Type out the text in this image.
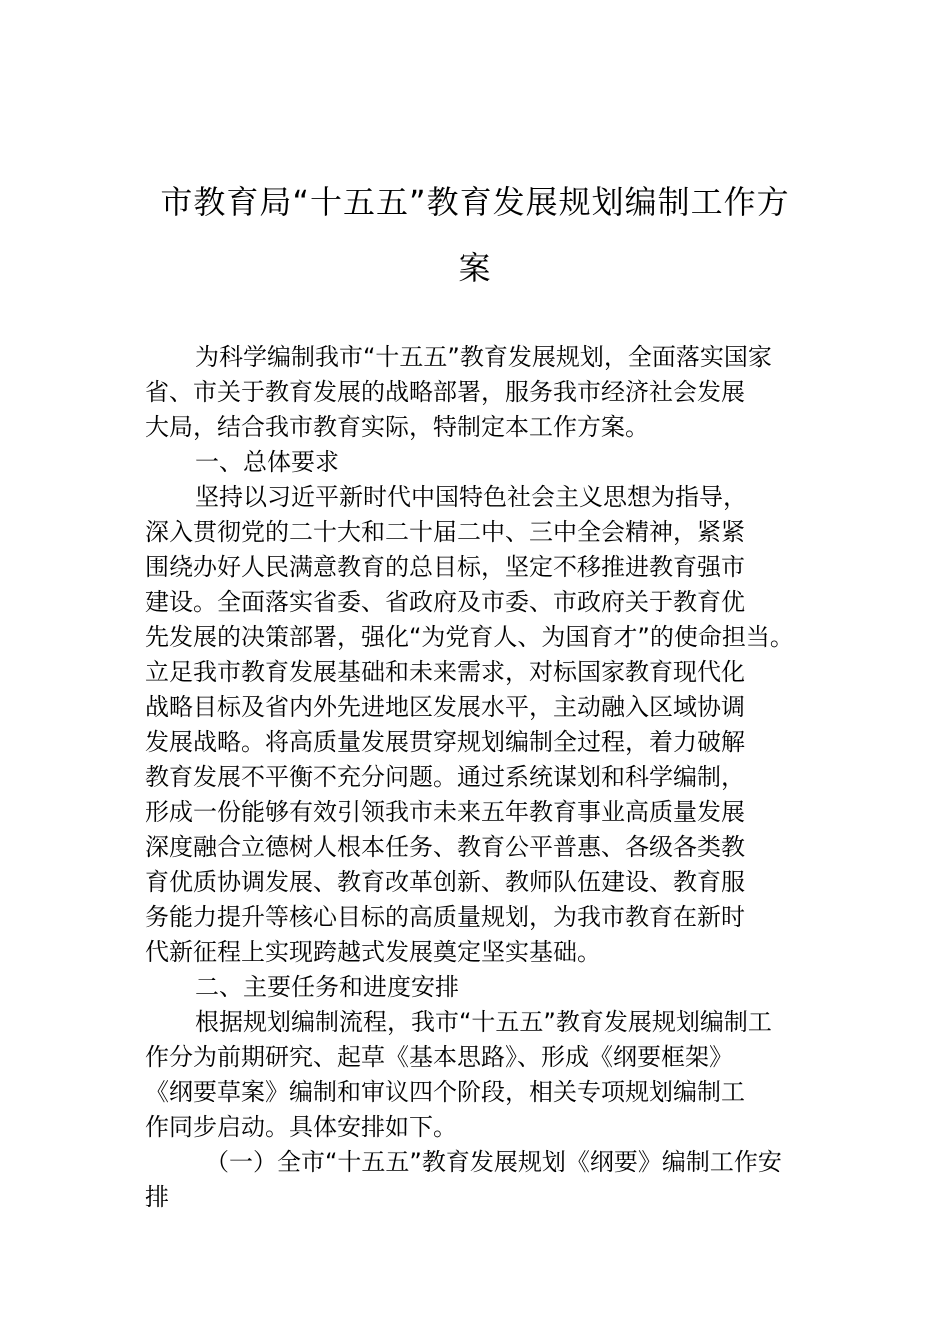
市教育局“十五五”教育发展规划编制工作方
案
为科学编制我市“十五五”教育发展规划，全面落实国家
省、市关于教育发展的战略部署，服务我市经济社会发展
大局，结合我市教育实际，特制定本工作方案。
一、总体要求
坚持以习近平新时代中国特色社会主义思想为指导，
深入贯彻党的二十大和二十届二中、三中全会精神，紧紧
围绕办好人民满意教育的总目标，坚定不移推进教育强市
建设。全面落实省委、省政府及市委、市政府关于教育优
先发展的决策部署，强化“为党育人、为国育才”的使命担当。
立足我市教育发展基础和未来需求，对标国家教育现代化
战略目标及省内外先进地区发展水平，主动融入区域协调
发展战略。将高质量发展贯穿规划编制全过程，着力破解
教育发展不平衡不充分问题。通过系统谋划和科学编制，
形成一份能够有效引领我市未来五年教育事业高质量发展
深度融合立德树人根本任务、教育公平普惠、各级各类教
育优质协调发展、教育改革创新、教师队伍建设、教育服
务能力提升等核心目标的高质量规划，为我市教育在新时
代新征程上实现跨越式发展奠定坚实基础。
二、主要任务和进度安排
根据规划编制流程，我市“十五五”教育发展规划编制工
作分为前期研究、起草《基本思路》、形成《纲要框架》
《纲要草案》编制和审议四个阶段，相关专项规划编制工
作同步启动。具体安排如下。
（一）全市“十五五”教育发展规划《纲要》编制工作安
排
